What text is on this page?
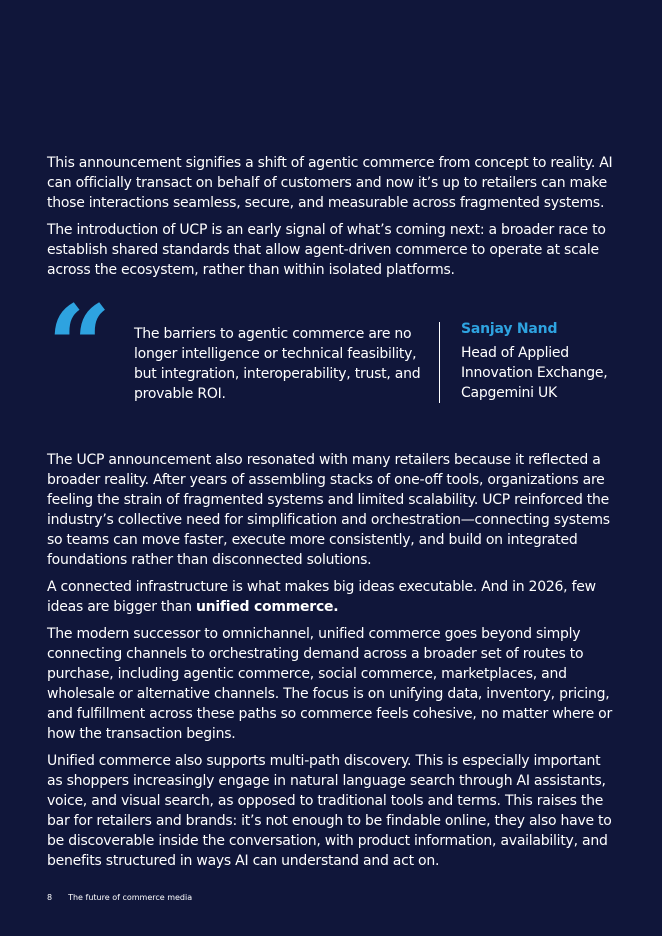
This announcement signifies a shift of agentic commerce from concept to reality. AI can officially transact on behalf of customers and now it’s up to retailers can make those interactions seamless, secure, and measurable across fragmented systems.

The introduction of UCP is an early signal of what’s coming next: a broader race to establish shared standards that allow agent-driven commerce to operate at scale across the ecosystem, rather than within isolated platforms.

“ The barriers to agentic commerce are no longer intelligence or technical feasibility, but integration, interoperability, trust, and provable ROI.
Sanjay Nand
Head of Applied Innovation Exchange, Capgemini UK

The UCP announcement also resonated with many retailers because it reflected a broader reality. After years of assembling stacks of one-off tools, organizations are feeling the strain of fragmented systems and limited scalability. UCP reinforced the industry’s collective need for simplification and orchestration—connecting systems so teams can move faster, execute more consistently, and build on integrated foundations rather than disconnected solutions.

A connected infrastructure is what makes big ideas executable. And in 2026, few ideas are bigger than unified commerce.

The modern successor to omnichannel, unified commerce goes beyond simply connecting channels to orchestrating demand across a broader set of routes to purchase, including agentic commerce, social commerce, marketplaces, and wholesale or alternative channels. The focus is on unifying data, inventory, pricing, and fulfillment across these paths so commerce feels cohesive, no matter where or how the transaction begins.

Unified commerce also supports multi-path discovery. This is especially important as shoppers increasingly engage in natural language search through AI assistants, voice, and visual search, as opposed to traditional tools and terms. This raises the bar for retailers and brands: it’s not enough to be findable online, they also have to be discoverable inside the conversation, with product information, availability, and benefits structured in ways AI can understand and act on.

8 The future of commerce media
